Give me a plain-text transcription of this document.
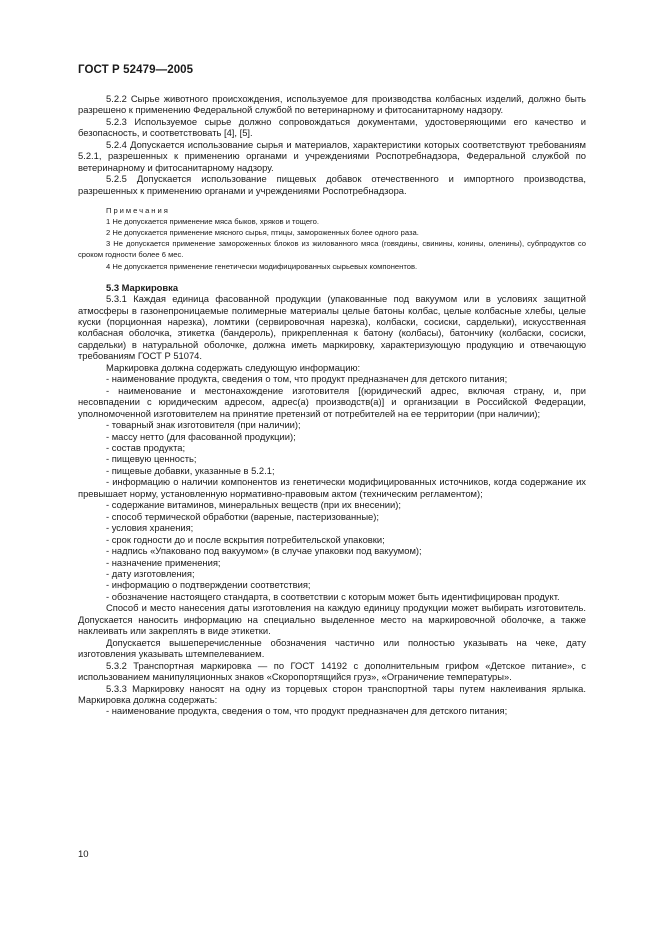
ГОСТ Р 52479—2005

5.2.2 Сырье животного происхождения, используемое для производства колбасных изделий, должно быть разрешено к применению Федеральной службой по ветеринарному и фитосанитарному надзору.

5.2.3 Используемое сырье должно сопровождаться документами, удостоверяющими его качество и безопасность, и соответствовать [4], [5].

5.2.4 Допускается использование сырья и материалов, характеристики которых соответствуют требованиям 5.2.1, разрешенных к применению органами и учреждениями Роспотребнадзора, Федеральной службой по ветеринарному и фитосанитарному надзору.

5.2.5 Допускается использование пищевых добавок отечественного и импортного производства, разрешенных к применению органами и учреждениями Роспотребнадзора.

Примечания

1 Не допускается применение мяса быков, хряков и тощего.

2 Не допускается применение мясного сырья, птицы, замороженных более одного раза.

3 Не допускается применение замороженных блоков из жилованного мяса (говядины, свинины, конины, оленины), субпродуктов со сроком годности более 6 мес.

4 Не допускается применение генетически модифицированных сырьевых компонентов.

5.3 Маркировка

5.3.1 Каждая единица фасованной продукции (упакованные под вакуумом или в условиях защитной атмосферы в газонепроницаемые полимерные материалы целые батоны колбас, целые колбасные хлебы, целые куски (порционная нарезка), ломтики (сервировочная нарезка), колбаски, сосиски, сардельки), искусственная колбасная оболочка, этикетка (бандероль), прикрепленная к батону (колбасы), батончику (колбаски, сосиски, сардельки) в натуральной оболочке, должна иметь маркировку, характеризующую продукцию и отвечающую требованиям ГОСТ Р 51074.

Маркировка должна содержать следующую информацию:

- наименование продукта, сведения о том, что продукт предназначен для детского питания;

- наименование и местонахождение изготовителя [(юридический адрес, включая страну, и, при несовпадении с юридическим адресом, адрес(а) производств(а)] и организации в Российской Федерации, уполномоченной изготовителем на принятие претензий от потребителей на ее территории (при наличии);

- товарный знак изготовителя (при наличии);

- массу нетто (для фасованной продукции);

- состав продукта;

- пищевую ценность;

- пищевые добавки, указанные в 5.2.1;

- информацию о наличии компонентов из генетически модифицированных источников, когда содержание их превышает норму, установленную нормативно-правовым актом (техническим регламентом);

- содержание витаминов, минеральных веществ (при их внесении);

- способ термической обработки (вареные, пастеризованные);

- условия хранения;

- срок годности до и после вскрытия потребительской упаковки;

- надпись «Упаковано под вакуумом» (в случае упаковки под вакуумом);

- назначение применения;

- дату изготовления;

- информацию о подтверждении соответствия;

- обозначение настоящего стандарта, в соответствии с которым может быть идентифицирован продукт.

Способ и место нанесения даты изготовления на каждую единицу продукции может выбирать изготовитель. Допускается наносить информацию на специально выделенное место на маркировочной оболочке, а также наклеивать или закреплять в виде этикетки.

Допускается вышеперечисленные обозначения частично или полностью указывать на чеке, дату изготовления указывать штемпелеванием.

5.3.2 Транспортная маркировка — по ГОСТ 14192 с дополнительным грифом «Детское питание», с использованием манипуляционных знаков «Скоропортящийся груз», «Ограничение температуры».

5.3.3 Маркировку наносят на одну из торцевых сторон транспортной тары путем наклеивания ярлыка. Маркировка должна содержать:

- наименование продукта, сведения о том, что продукт предназначен для детского питания;

10
